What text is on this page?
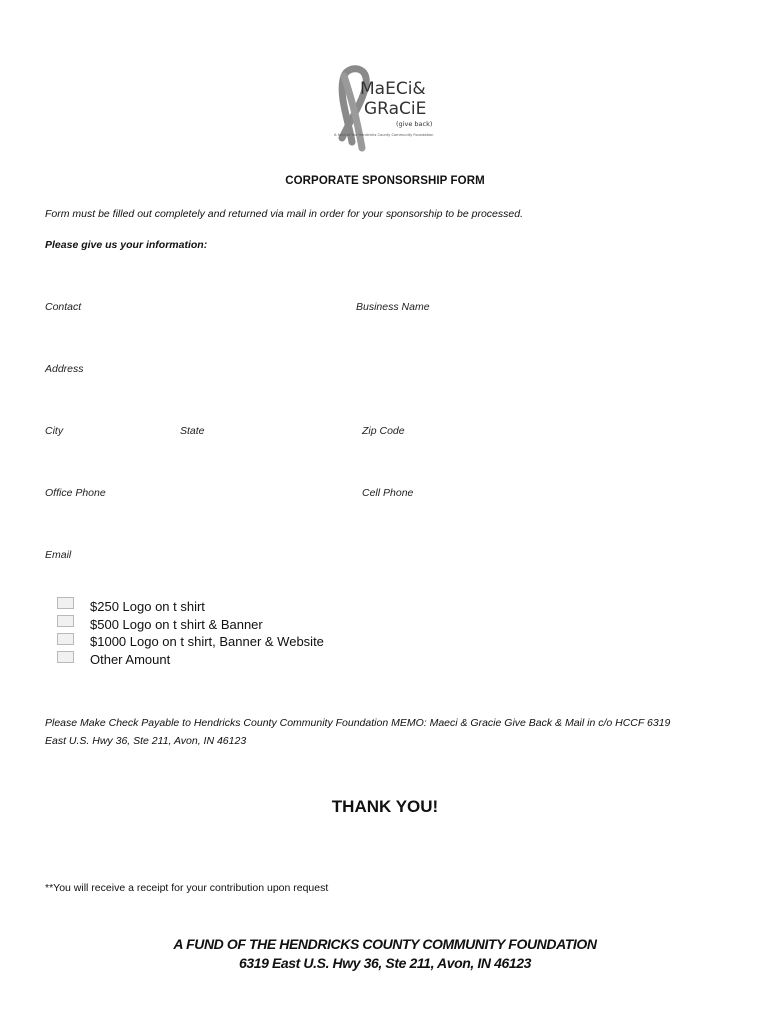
MaECi&
GRaCiE
(give back)
A fund of the Hendricks County Community Foundation
CORPORATE SPONSORSHIP FORM
Form must be filled out completely and returned via mail in order for your sponsorship to be processed.
Please give us your information:
Contact	Business Name
Address
City	State	Zip Code
Office Phone	Cell Phone
Email
$250 Logo on t shirt
$500 Logo on t shirt & Banner
$1000 Logo on t shirt, Banner & Website
Other Amount
Please Make Check Payable to Hendricks County Community Foundation MEMO: Maeci & Gracie Give Back & Mail in c/o HCCF 6319
East U.S. Hwy 36, Ste 211, Avon, IN 46123
THANK YOU!
**You will receive a receipt for your contribution upon request
A FUND OF THE HENDRICKS COUNTY COMMUNITY FOUNDATION
6319 East U.S. Hwy 36, Ste 211, Avon, IN 46123
